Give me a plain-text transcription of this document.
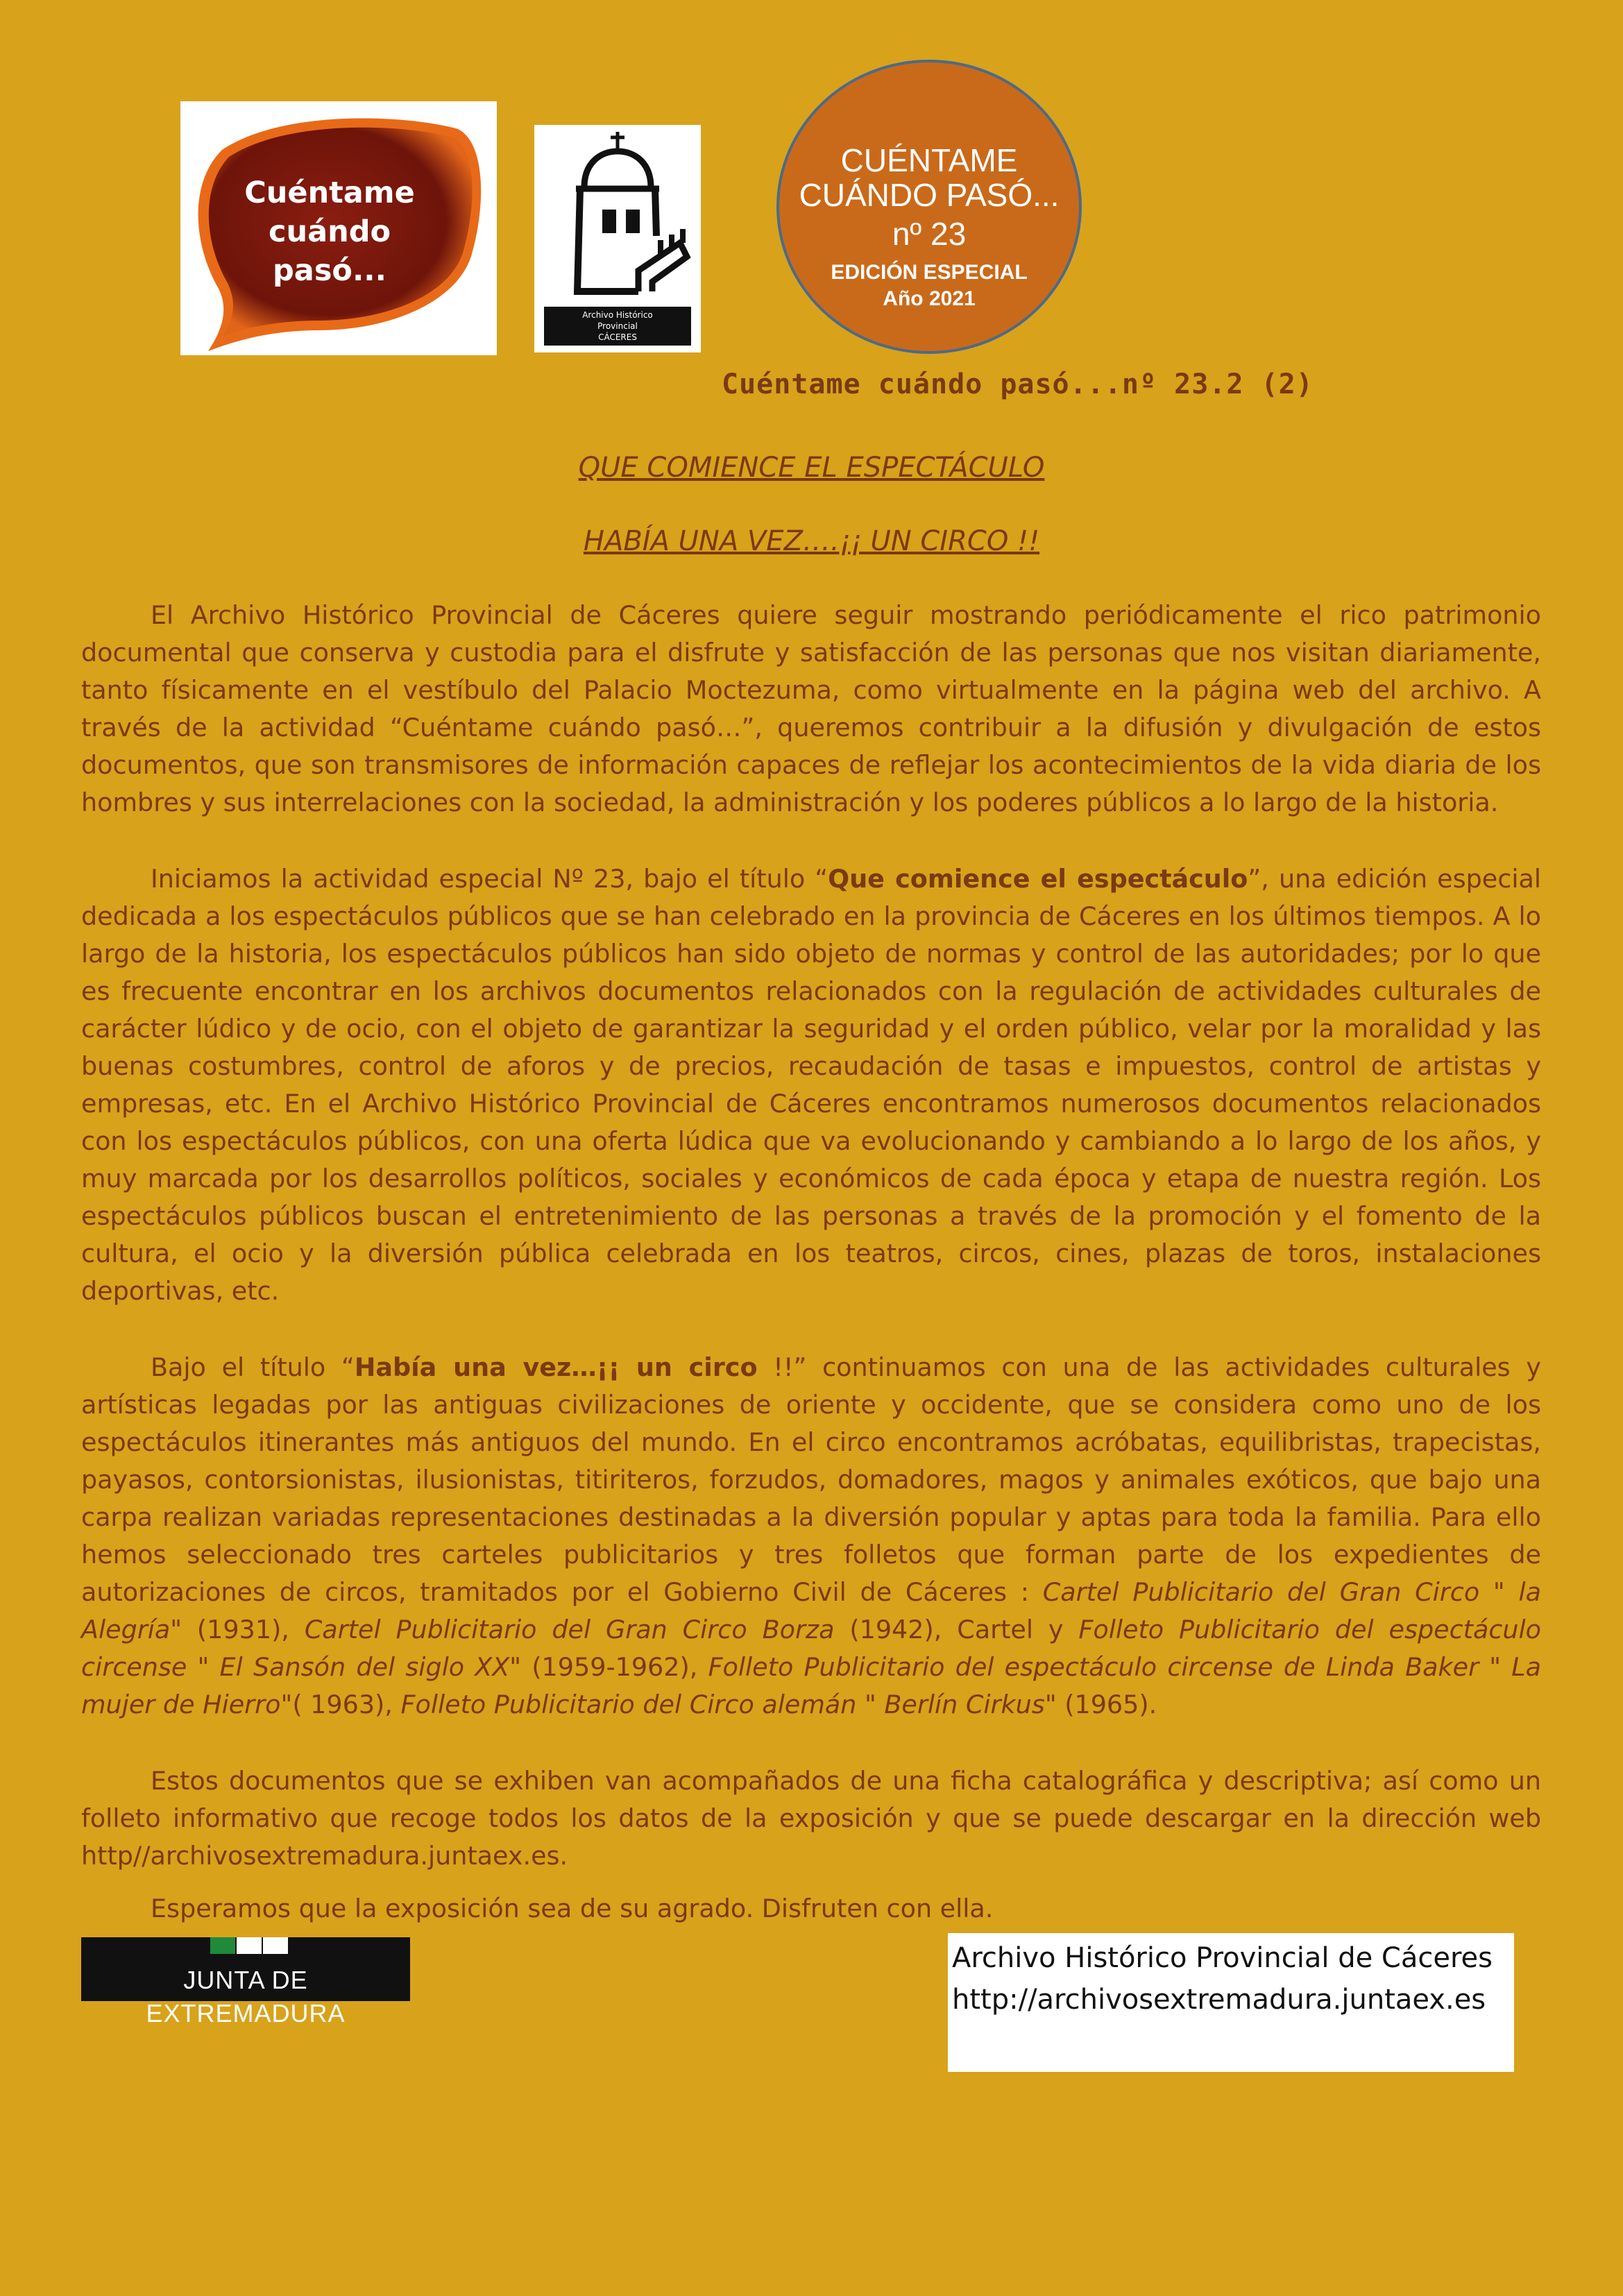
Cuéntame
cuándo pasó...
Archivo Histórico
Provincial
CÁCERES
CUÉNTAME
CUÁNDO PASÓ...
nº 23
EDICIÓN ESPECIAL
Año 2021
Cuéntame cuándo pasó...nº 23.2 (2)
QUE COMIENCE EL ESPECTÁCULO
HABÍA UNA VEZ….¡¡ UN CIRCO !!

El Archivo Histórico Provincial de Cáceres quiere seguir mostrando periódicamente el rico patrimonio documental que conserva y custodia para el disfrute y satisfacción de las personas que nos visitan diariamente, tanto físicamente en el vestíbulo del Palacio Moctezuma, como virtualmente en la página web del archivo. A través de la actividad “Cuéntame cuándo pasó…”, queremos contribuir a la difusión y divulgación de estos documentos, que son transmisores de información capaces de reflejar los acontecimientos de la vida diaria de los hombres y sus interrelaciones con la sociedad, la administración y los poderes públicos a lo largo de la historia.

Iniciamos la actividad especial Nº 23, bajo el título “Que comience el espectáculo”, una edición especial dedicada a los espectáculos públicos que se han celebrado en la provincia de Cáceres en los últimos tiempos. A lo largo de la historia, los espectáculos públicos han sido objeto de normas y control de las autoridades; por lo que es frecuente encontrar en los archivos documentos relacionados con la regulación de actividades culturales de carácter lúdico y de ocio, con el objeto de garantizar la seguridad y el orden público, velar por la moralidad y las buenas costumbres, control de aforos y de precios, recaudación de tasas e impuestos, control de artistas y empresas, etc. En el Archivo Histórico Provincial de Cáceres encontramos numerosos documentos relacionados con los espectáculos públicos, con una oferta lúdica que va evolucionando y cambiando a lo largo de los años, y muy marcada por los desarrollos políticos, sociales y económicos de cada época y etapa de nuestra región. Los espectáculos públicos buscan el entretenimiento de las personas a través de la promoción y el fomento de la cultura, el ocio y la diversión pública celebrada en los teatros, circos, cines, plazas de toros, instalaciones deportivas, etc.

Bajo el título “Había una vez…¡¡ un circo !!” continuamos con una de las actividades culturales y artísticas legadas por las antiguas civilizaciones de oriente y occidente, que se considera como uno de los espectáculos itinerantes más antiguos del mundo. En el circo encontramos acróbatas, equilibristas, trapecistas, payasos, contorsionistas, ilusionistas, titiriteros, forzudos, domadores, magos y animales exóticos, que bajo una carpa realizan variadas representaciones destinadas a la diversión popular y aptas para toda la familia. Para ello hemos seleccionado tres carteles publicitarios y tres folletos que forman parte de los expedientes de autorizaciones de circos, tramitados por el Gobierno Civil de Cáceres : Cartel Publicitario del Gran Circo " la Alegría" (1931), Cartel Publicitario del Gran Circo Borza (1942), Cartel y Folleto Publicitario del espectáculo circense " El Sansón del siglo XX" (1959-1962), Folleto Publicitario del espectáculo circense de Linda Baker " La mujer de Hierro"( 1963), Folleto Publicitario del Circo alemán " Berlín Cirkus" (1965).

Estos documentos que se exhiben van acompañados de una ficha catalográfica y descriptiva; así como un folleto informativo que recoge todos los datos de la exposición y que se puede descargar en la dirección web http//archivosextremadura.juntaex.es.

Esperamos que la exposición sea de su agrado. Disfruten con ella.

JUNTA DE EXTREMADURA
Archivo Histórico Provincial de Cáceres
http://archivosextremadura.juntaex.es
